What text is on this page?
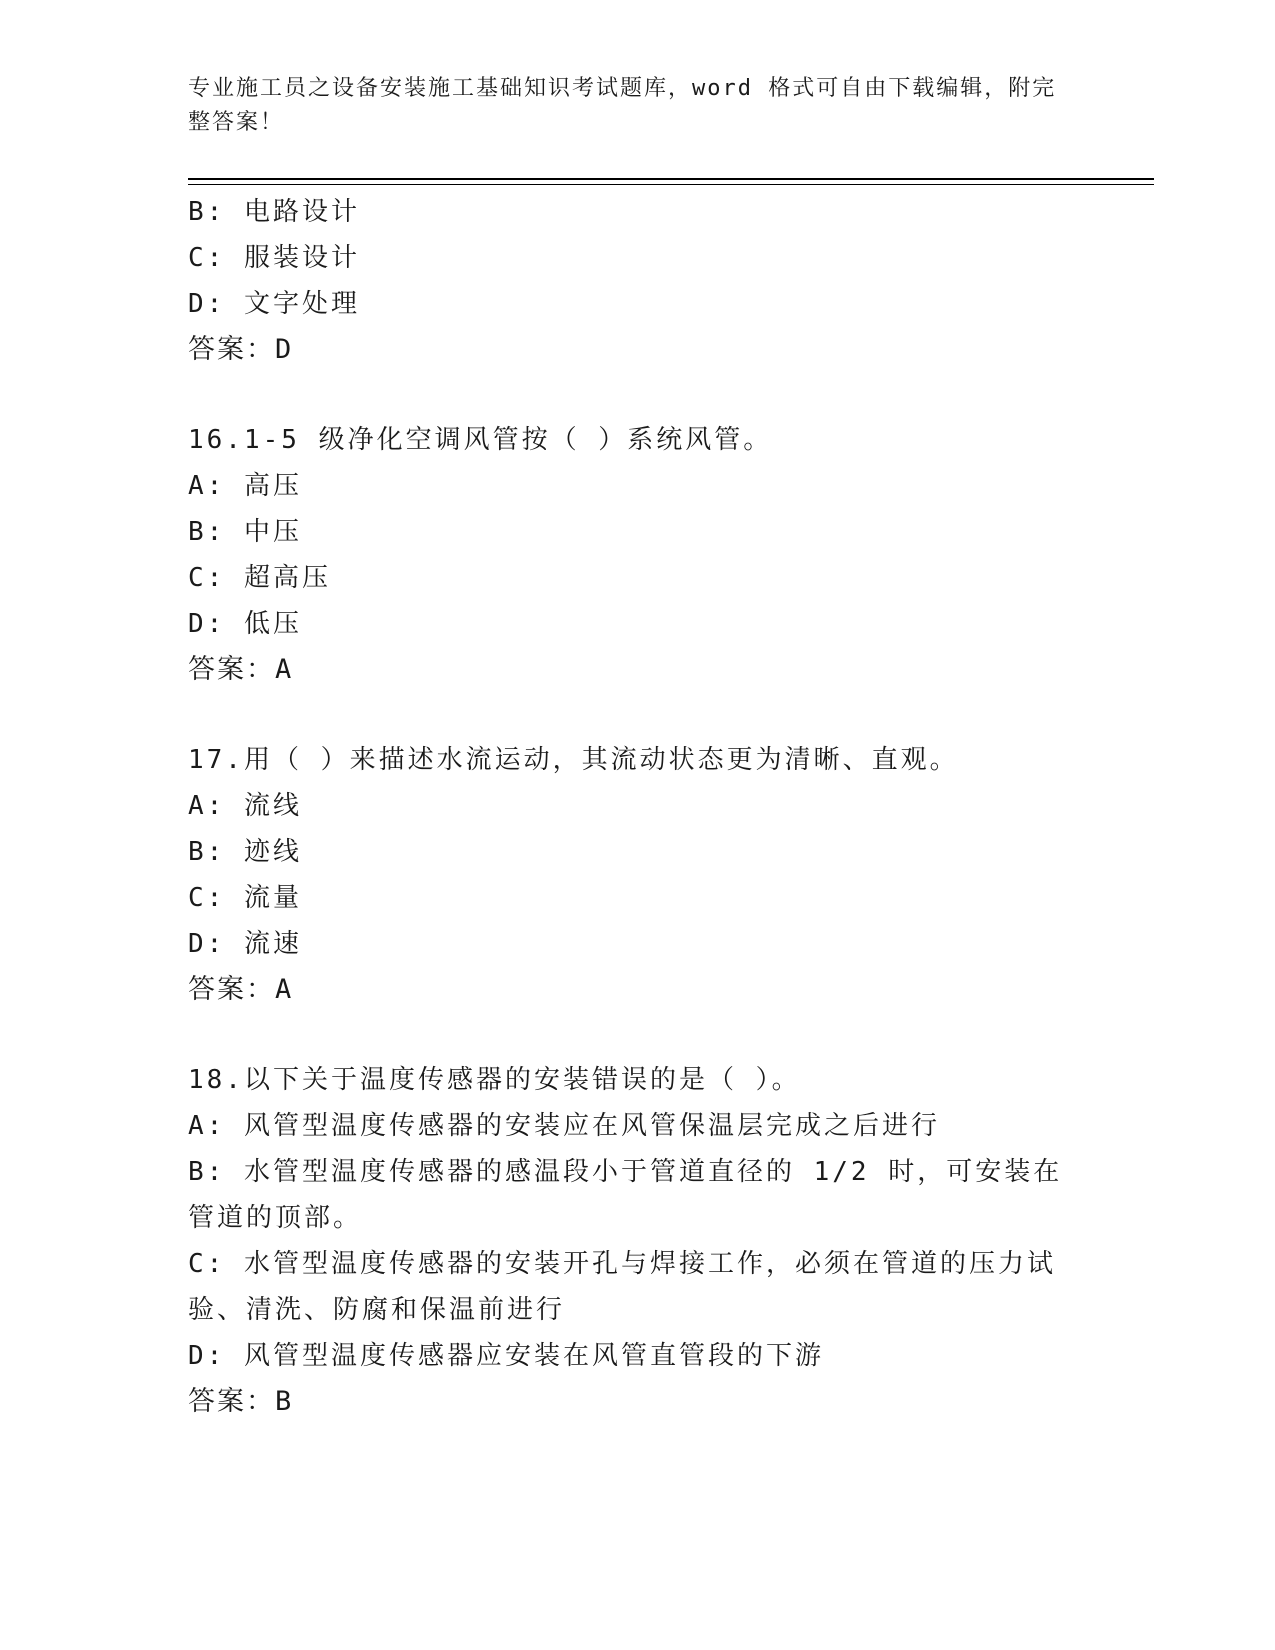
专业施工员之设备安装施工基础知识考试题库，word 格式可自由下载编辑，附完整答案！
B: 电路设计
C: 服装设计
D: 文字处理
答案：D
16.1-5 级净化空调风管按（ ）系统风管。
A: 高压
B: 中压
C: 超高压
D: 低压
答案：A
17.用（ ）来描述水流运动，其流动状态更为清晰、直观。
A: 流线
B: 迹线
C: 流量
D: 流速
答案：A
18.以下关于温度传感器的安装错误的是（ ）。
A: 风管型温度传感器的安装应在风管保温层完成之后进行
B: 水管型温度传感器的感温段小于管道直径的 1/2 时，可安装在管道的顶部。
C: 水管型温度传感器的安装开孔与焊接工作，必须在管道的压力试验、清洗、防腐和保温前进行
D: 风管型温度传感器应安装在风管直管段的下游
答案：B
